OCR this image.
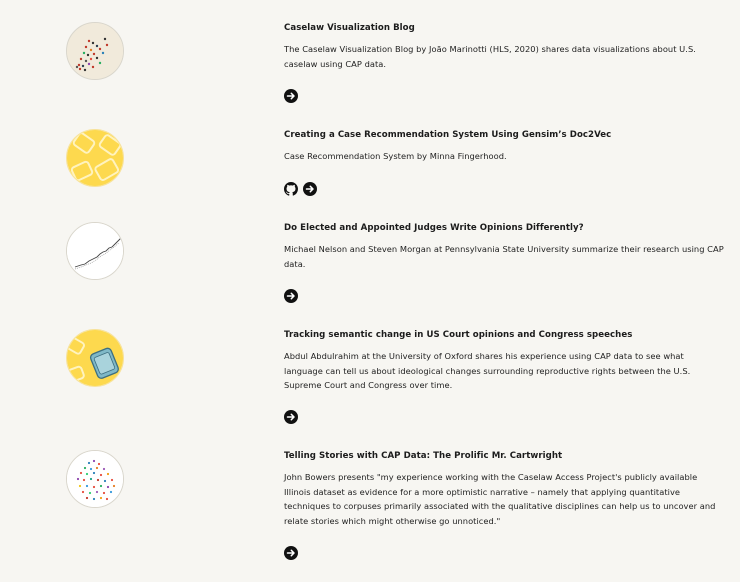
Caselaw Visualization Blog

The Caselaw Visualization Blog by João Marinotti (HLS, 2020) shares data visualizations about U.S. caselaw using CAP data.

Creating a Case Recommendation System Using Gensim’s Doc2Vec

Case Recommendation System by Minna Fingerhood.

Do Elected and Appointed Judges Write Opinions Differently?

Michael Nelson and Steven Morgan at Pennsylvania State University summarize their research using CAP data.

Tracking semantic change in US Court opinions and Congress speeches

Abdul Abdulrahim at the University of Oxford shares his experience using CAP data to see what language can tell us about ideological changes surrounding reproductive rights between the U.S. Supreme Court and Congress over time.

Telling Stories with CAP Data: The Prolific Mr. Cartwright

John Bowers presents "my experience working with the Caselaw Access Project's publicly available Illinois dataset as evidence for a more optimistic narrative – namely that applying quantitative techniques to corpuses primarily associated with the qualitative disciplines can help us to uncover and relate stories which might otherwise go unnoticed."
